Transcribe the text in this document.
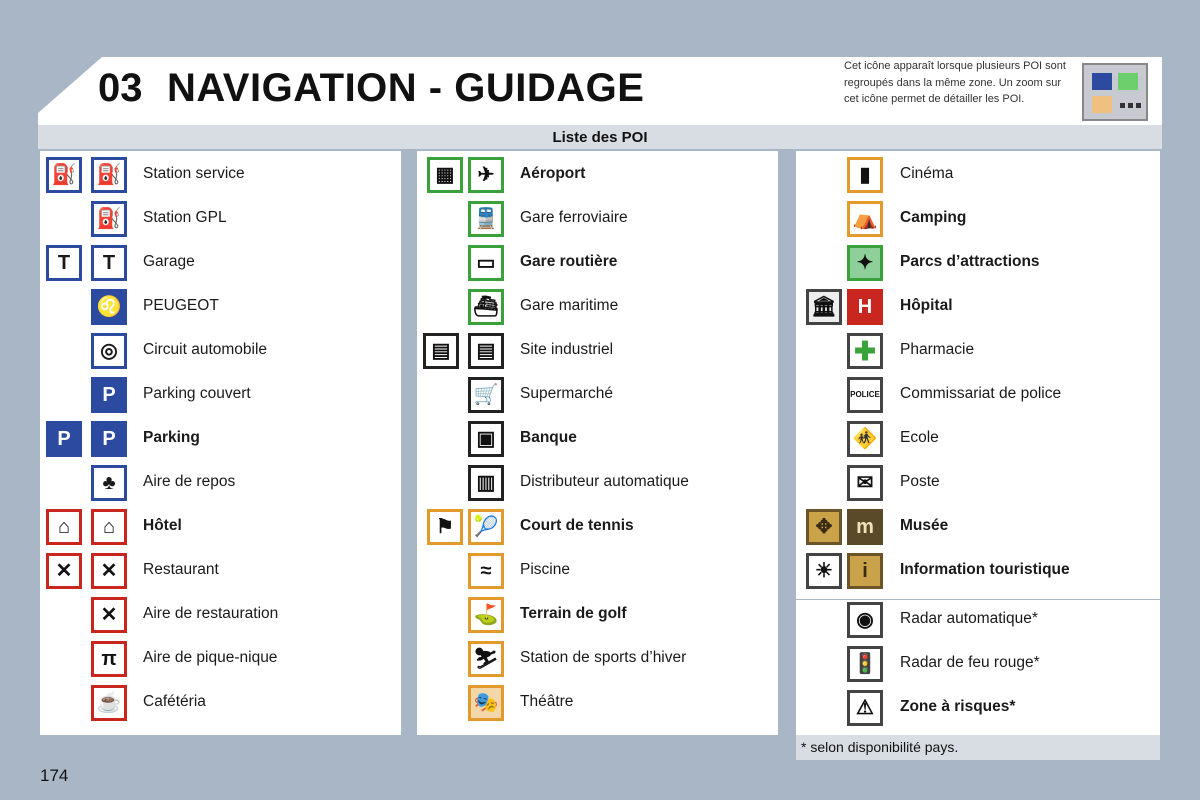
03 NAVIGATION - GUIDAGE	Cet icône apparaît lorsque plusieurs POI sont regroupés dans la même zone. Un zoom sur cet icône permet de détailler les POI.
Liste des POI
⛽ ⛽	Station service
⛽	Station GPL
T	T	Garage
♌	PEUGEOT
◎	Circuit automobile
P	Parking couvert
P	P	Parking
♣	Aire de repos
⌂	⌂	Hôtel
✕	✕	Restaurant
✕	Aire de restauration
π	Aire de pique-nique
☕	Cafétéria
▦	✈	Aéroport
🚆	Gare ferroviaire
▭	Gare routière
⛴	Gare maritime
▤	▤	Site industriel
🛒	Supermarché
▣	Banque
▥	Distributeur automatique
⚑ 🎾	Court de tennis
≈	Piscine
⛳	Terrain de golf
⛷	Station de sports d’hiver
🎭	Théâtre
▮	Cinéma
⛺	Camping
✦	Parcs d’attractions
🏛	H	Hôpital
✚	Pharmacie
POLICE Commissariat de police
🚸	Ecole
✉	Poste
✥	m	Musée
☀	i	Information touristique
◉	Radar automatique*
🚦	Radar de feu rouge*
⚠	Zone à risques*
* selon disponibilité pays.
174
